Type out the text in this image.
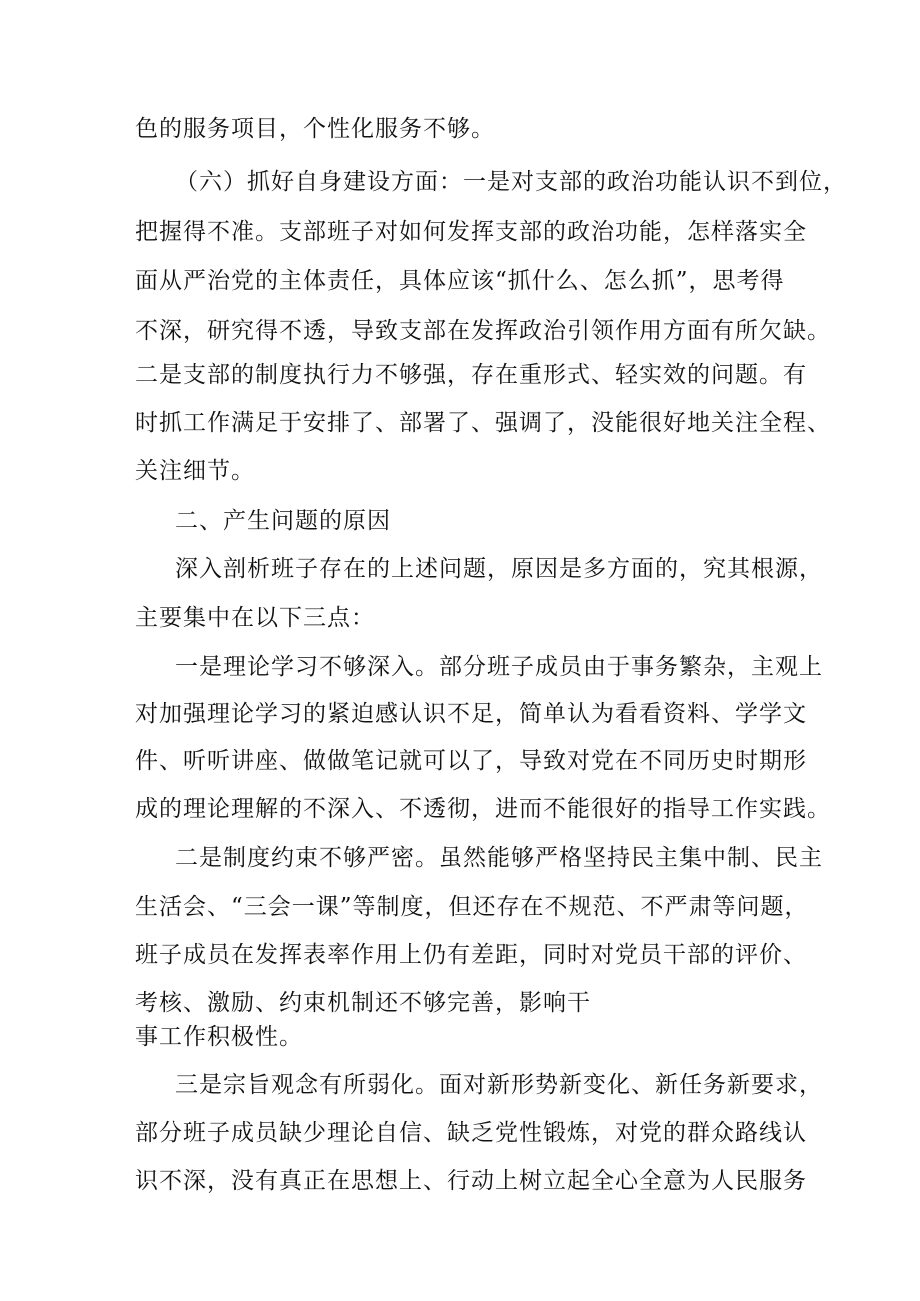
色的服务项目，个性化服务不够。
（六）抓好自身建设方面：一是对支部的政治功能认识不到位，
把握得不准。支部班子对如何发挥支部的政治功能，怎样落实全
面从严治党的主体责任，具体应该“抓什么、怎么抓”，思考得
不深，研究得不透，导致支部在发挥政治引领作用方面有所欠缺。
二是支部的制度执行力不够强，存在重形式、轻实效的问题。有
时抓工作满足于安排了、部署了、强调了，没能很好地关注全程、
关注细节。
二、产生问题的原因
深入剖析班子存在的上述问题，原因是多方面的，究其根源，
主要集中在以下三点：
一是理论学习不够深入。部分班子成员由于事务繁杂，主观上
对加强理论学习的紧迫感认识不足，简单认为看看资料、学学文
件、听听讲座、做做笔记就可以了，导致对党在不同历史时期形
成的理论理解的不深入、不透彻，进而不能很好的指导工作实践。
二是制度约束不够严密。虽然能够严格坚持民主集中制、民主
生活会、“三会一课”等制度，但还存在不规范、不严肃等问题，
班子成员在发挥表率作用上仍有差距，同时对党员干部的评价、
考核、激励、约束机制还不够完善，影响干
事工作积极性。
三是宗旨观念有所弱化。面对新形势新变化、新任务新要求，
部分班子成员缺少理论自信、缺乏党性锻炼，对党的群众路线认
识不深，没有真正在思想上、行动上树立起全心全意为人民服务
